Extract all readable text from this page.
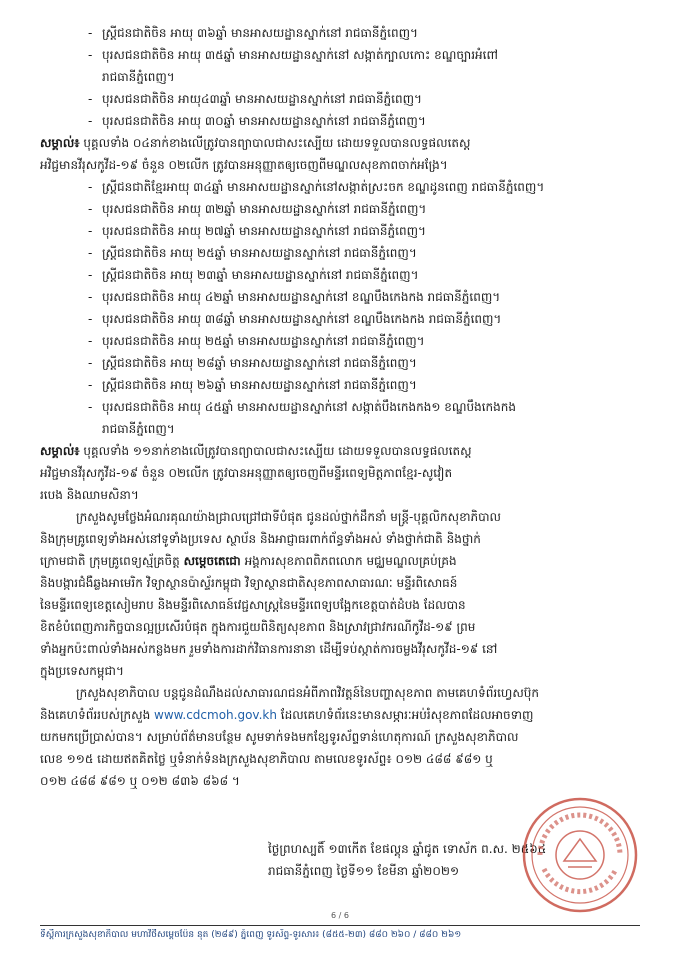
- ស្ត្រីជនជាតិចិន អាយុ ៣៦ឆ្នាំ មានអាសយដ្ឋានស្នាក់នៅ រាជធានីភ្នំពេញ។
- បុរសជនជាតិចិន អាយុ ៣៥ឆ្នាំ មានអាសយដ្ឋានស្នាក់នៅ សង្កាត់ក្បាលកោះ ខណ្ឌច្បារអំពៅ
រាជធានីភ្នំពេញ។
- បុរសជនជាតិចិន អាយុ៤៣ឆ្នាំ មានអាសយដ្ឋានស្នាក់នៅ រាជធានីភ្នំពេញ។
- បុរសជនជាតិចិន អាយុ ៣០ឆ្នាំ មានអាសយដ្ឋានស្នាក់នៅ រាជធានីភ្នំពេញ។

សម្គាល់៖ បុគ្គលទាំង ០៤នាក់ខាងលើត្រូវបានព្យាបាលជាសះស្បើយ ដោយទទួលបានលទ្ធផលតេស្ត
អវិជ្ជមានវីរុសកូវីដ-១៩ ចំនួន ០២លើក ត្រូវបានអនុញ្ញាតឲ្យចេញពីមណ្ឌលសុខភាពចាក់អង្រែ។

- ស្ត្រីជនជាតិខ្មែរអាយុ ៣៤ឆ្នាំ មានអាសយដ្ឋានស្នាក់នៅសង្កាត់ស្រះចក ខណ្ឌដូនពេញ រាជធានីភ្នំពេញ។
- បុរសជនជាតិចិន អាយុ ៣២ឆ្នាំ មានអាសយដ្ឋានស្នាក់នៅ រាជធានីភ្នំពេញ។
- បុរសជនជាតិចិន អាយុ ២៧ឆ្នាំ មានអាសយដ្ឋានស្នាក់នៅ រាជធានីភ្នំពេញ។
- ស្ត្រីជនជាតិចិន អាយុ ២៥ឆ្នាំ មានអាសយដ្ឋានស្នាក់នៅ រាជធានីភ្នំពេញ។
- ស្ត្រីជនជាតិចិន អាយុ ២៣ឆ្នាំ មានអាសយដ្ឋានស្នាក់នៅ រាជធានីភ្នំពេញ។
- បុរសជនជាតិចិន អាយុ ៤២ឆ្នាំ មានអាសយដ្ឋានស្នាក់នៅ ខណ្ឌបឹងកេងកង រាជធានីភ្នំពេញ។
- បុរសជនជាតិចិន អាយុ ៣៨ឆ្នាំ មានអាសយដ្ឋានស្នាក់នៅ ខណ្ឌបឹងកេងកង រាជធានីភ្នំពេញ។
- បុរសជនជាតិចិន អាយុ ២៥ឆ្នាំ មានអាសយដ្ឋានស្នាក់នៅ រាជធានីភ្នំពេញ។
- ស្ត្រីជនជាតិចិន អាយុ ២៨ឆ្នាំ មានអាសយដ្ឋានស្នាក់នៅ រាជធានីភ្នំពេញ។
- ស្ត្រីជនជាតិចិន អាយុ ២៦ឆ្នាំ មានអាសយដ្ឋានស្នាក់នៅ រាជធានីភ្នំពេញ។
- បុរសជនជាតិចិន អាយុ ៤៥ឆ្នាំ មានអាសយដ្ឋានស្នាក់នៅ សង្កាត់បឹងកេងកង១ ខណ្ឌបឹងកេងកង
រាជធានីភ្នំពេញ។

សម្គាល់៖ បុគ្គលទាំង ១១នាក់ខាងលើត្រូវបានព្យាបាលជាសះស្បើយ ដោយទទួលបានលទ្ធផលតេស្ត
អវិជ្ជមានវីរុសកូវីដ-១៩ ចំនួន ០២លើក ត្រូវបានអនុញ្ញាតឲ្យចេញពីមន្ទីរពេទ្យមិត្តភាពខ្មែរ-សូវៀត
របេង និងឈាមសិនា។

ក្រសួងសូមថ្លែងអំណរគុណយ៉ាងជ្រាលជ្រៅជាទីបំផុត ជូនដល់ថ្នាក់ដឹកនាំ មន្ត្រី-បុគ្គលិកសុខាភិបាល
និងក្រុមគ្រូពេទ្យទាំងអស់នៅទូទាំងប្រទេស ស្ថាប័ន និងអាជ្ញាធរពាក់ព័ន្ធទាំងអស់ ទាំងថ្នាក់ជាតិ និងថ្នាក់
ក្រោមជាតិ ក្រុមគ្រូពេទ្យស្ម័គ្រចិត្ត សម្តេចតេជោ អង្គការសុខភាពពិភពលោក មជ្ឈមណ្ឌលគ្រប់គ្រង
និងបង្ការជំងឺឆ្លងអាមេរិក វិទ្យាស្ថានប៉ាស្ទ័រកម្ពុជា វិទ្យាស្ថានជាតិសុខភាពសាធារណៈ មន្ទីរពិសោធន៍
នៃមន្ទីរពេទ្យខេត្តសៀមរាប និងមន្ទីរពិសោធន៍វេជ្ជសាស្ត្រនៃមន្ទីរពេទ្យបង្អែកខេត្តបាត់ដំបង ដែលបាន
ខិតខំបំពេញភារកិច្ចបានល្អប្រសើរបំផុត ក្នុងការជួយពិនិត្យសុខភាព និងស្រាវជ្រាវករណីកូវីដ-១៩ ព្រម
ទាំងអ្នកប៉ះពាល់ទាំងអស់កន្លងមក រួមទាំងការដាក់វិធានការនានា ដើម្បីទប់ស្កាត់ការចម្លងវីរុសកូវីដ-១៩ នៅ
ក្នុងប្រទេសកម្ពុជា។

ក្រសួងសុខាភិបាល បន្តជូនដំណឹងដល់សាធារណជនអំពីភាពវិវត្តន៍នៃបញ្ហាសុខភាព តាមគេហទំព័រហ្វេសប៊ុក
និងគេហទំព័ររបស់ក្រសួង www.cdcmoh.gov.kh ដែលគេហទំព័រនេះមានសម្ភារៈអប់រំសុខភាពដែលអាចទាញ
យកមកប្រើប្រាស់បាន។ សម្រាប់ព័ត៌មានបន្ថែម សូមទាក់ទងមកខ្សែទូរស័ព្ទទាន់ហេតុការណ៍ ក្រសួងសុខាភិបាល
លេខ ១១៥ ដោយឥតគិតថ្លៃ ឬទំនាក់ទំនងក្រសួងសុខាភិបាល តាមលេខទូរស័ព្ទ៖ ០១២ ៤៨៨ ៩៨១ ឬ
០១២ ៤៨៨ ៩៨១ ឬ ០១២ ៨៣៦ ៨៦៨ ។

ថ្ងៃព្រហស្បតិ៍ ១៣កើត ខែផល្គុន ឆ្នាំជូត ទោស័ក ព.ស. ២៥៦៤
រាជធានីភ្នំពេញ ថ្ងៃទី១១ ខែមីនា ឆ្នាំ២០២១
6 / 6
ទីស្តីការក្រសួងសុខាភិបាល មហាវិថីសម្តេចប៉ែន នុត (២៨៩) ភ្នំពេញ ទូរស័ព្ទ-ទូរសារ៖ (៨៥៥-២៣) ៨៨០ ២៦០ / ៨៨០ ២៦១
